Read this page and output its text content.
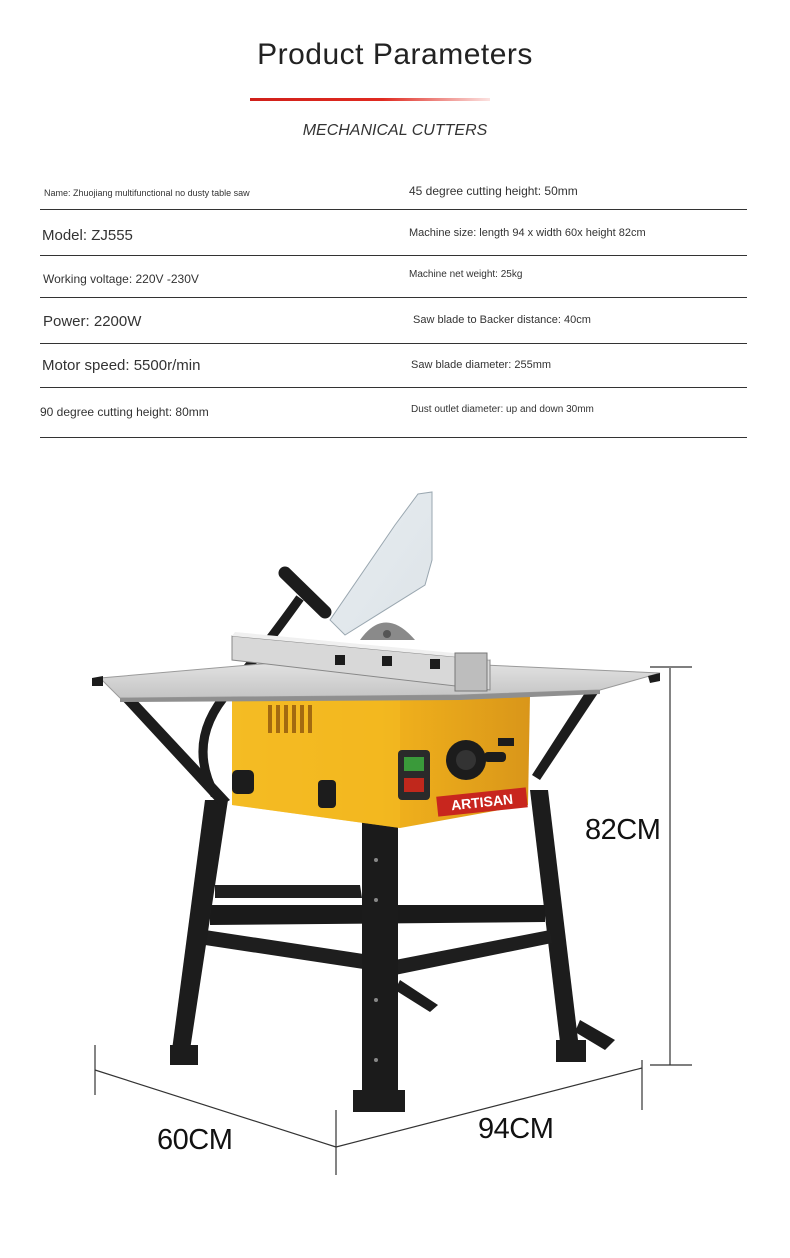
Product Parameters
MECHANICAL CUTTERS
Name: Zhuojiang multifunctional no dusty table saw	45 degree cutting height: 50mm
Model: ZJ555	Machine size: length 94 x width 60x height 82cm
Working voltage: 220V -230V	Machine net weight: 25kg
Power: 2200W	Saw blade to Backer distance: 40cm
Motor speed: 5500r/min	Saw blade diameter: 255mm
90 degree cutting height: 80mm	Dust outlet diameter: up and down 30mm
ARTISAN
82CM
60CM	94CM
